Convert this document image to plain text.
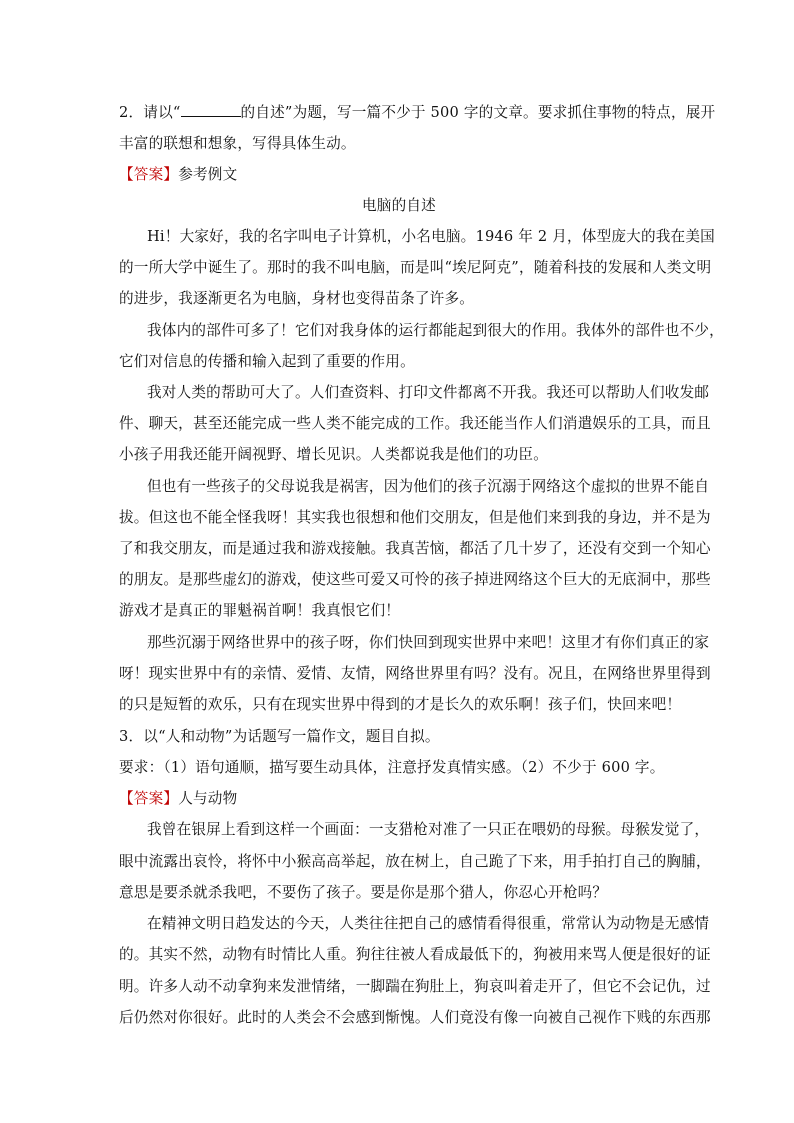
2．请以“	的自述”为题，写一篇不少于 500 字的文章。要求抓住事物的特点，展开
丰富的联想和想象，写得具体生动。
【答案】参考例文
电脑的自述
Hi！大家好，我的名字叫电子计算机，小名电脑。1946 年 2 月，体型庞大的我在美国
的一所大学中诞生了。那时的我不叫电脑，而是叫“埃尼阿克”，随着科技的发展和人类文明
的进步，我逐渐更名为电脑，身材也变得苗条了许多。
我体内的部件可多了！它们对我身体的运行都能起到很大的作用。我体外的部件也不少，
它们对信息的传播和输入起到了重要的作用。
我对人类的帮助可大了。人们查资料、打印文件都离不开我。我还可以帮助人们收发邮
件、聊天，甚至还能完成一些人类不能完成的工作。我还能当作人们消遣娱乐的工具，而且
小孩子用我还能开阔视野、增长见识。人类都说我是他们的功臣。
但也有一些孩子的父母说我是祸害，因为他们的孩子沉溺于网络这个虚拟的世界不能自
拔。但这也不能全怪我呀！其实我也很想和他们交朋友，但是他们来到我的身边，并不是为
了和我交朋友，而是通过我和游戏接触。我真苦恼，都活了几十岁了，还没有交到一个知心
的朋友。是那些虚幻的游戏，使这些可爱又可怜的孩子掉进网络这个巨大的无底洞中，那些
游戏才是真正的罪魁祸首啊！我真恨它们！
那些沉溺于网络世界中的孩子呀，你们快回到现实世界中来吧！这里才有你们真正的家
呀！现实世界中有的亲情、爱情、友情，网络世界里有吗？没有。况且，在网络世界里得到
的只是短暂的欢乐，只有在现实世界中得到的才是长久的欢乐啊！孩子们，快回来吧！
3．以“人和动物”为话题写一篇作文，题目自拟。
要求：（1）语句通顺，描写要生动具体，注意抒发真情实感。（2）不少于 600 字。
【答案】人与动物
我曾在银屏上看到这样一个画面：一支猎枪对准了一只正在喂奶的母猴。母猴发觉了，
眼中流露出哀怜，将怀中小猴高高举起，放在树上，自己跪了下来，用手拍打自己的胸脯，
意思是要杀就杀我吧，不要伤了孩子。要是你是那个猎人，你忍心开枪吗？
在精神文明日趋发达的今天，人类往往把自己的感情看得很重，常常认为动物是无感情
的。其实不然，动物有时情比人重。狗往往被人看成最低下的，狗被用来骂人便是很好的证
明。许多人动不动拿狗来发泄情绪，一脚踹在狗肚上，狗哀叫着走开了，但它不会记仇，过
后仍然对你很好。此时的人类会不会感到惭愧。人们竟没有像一向被自己视作下贱的东西那
